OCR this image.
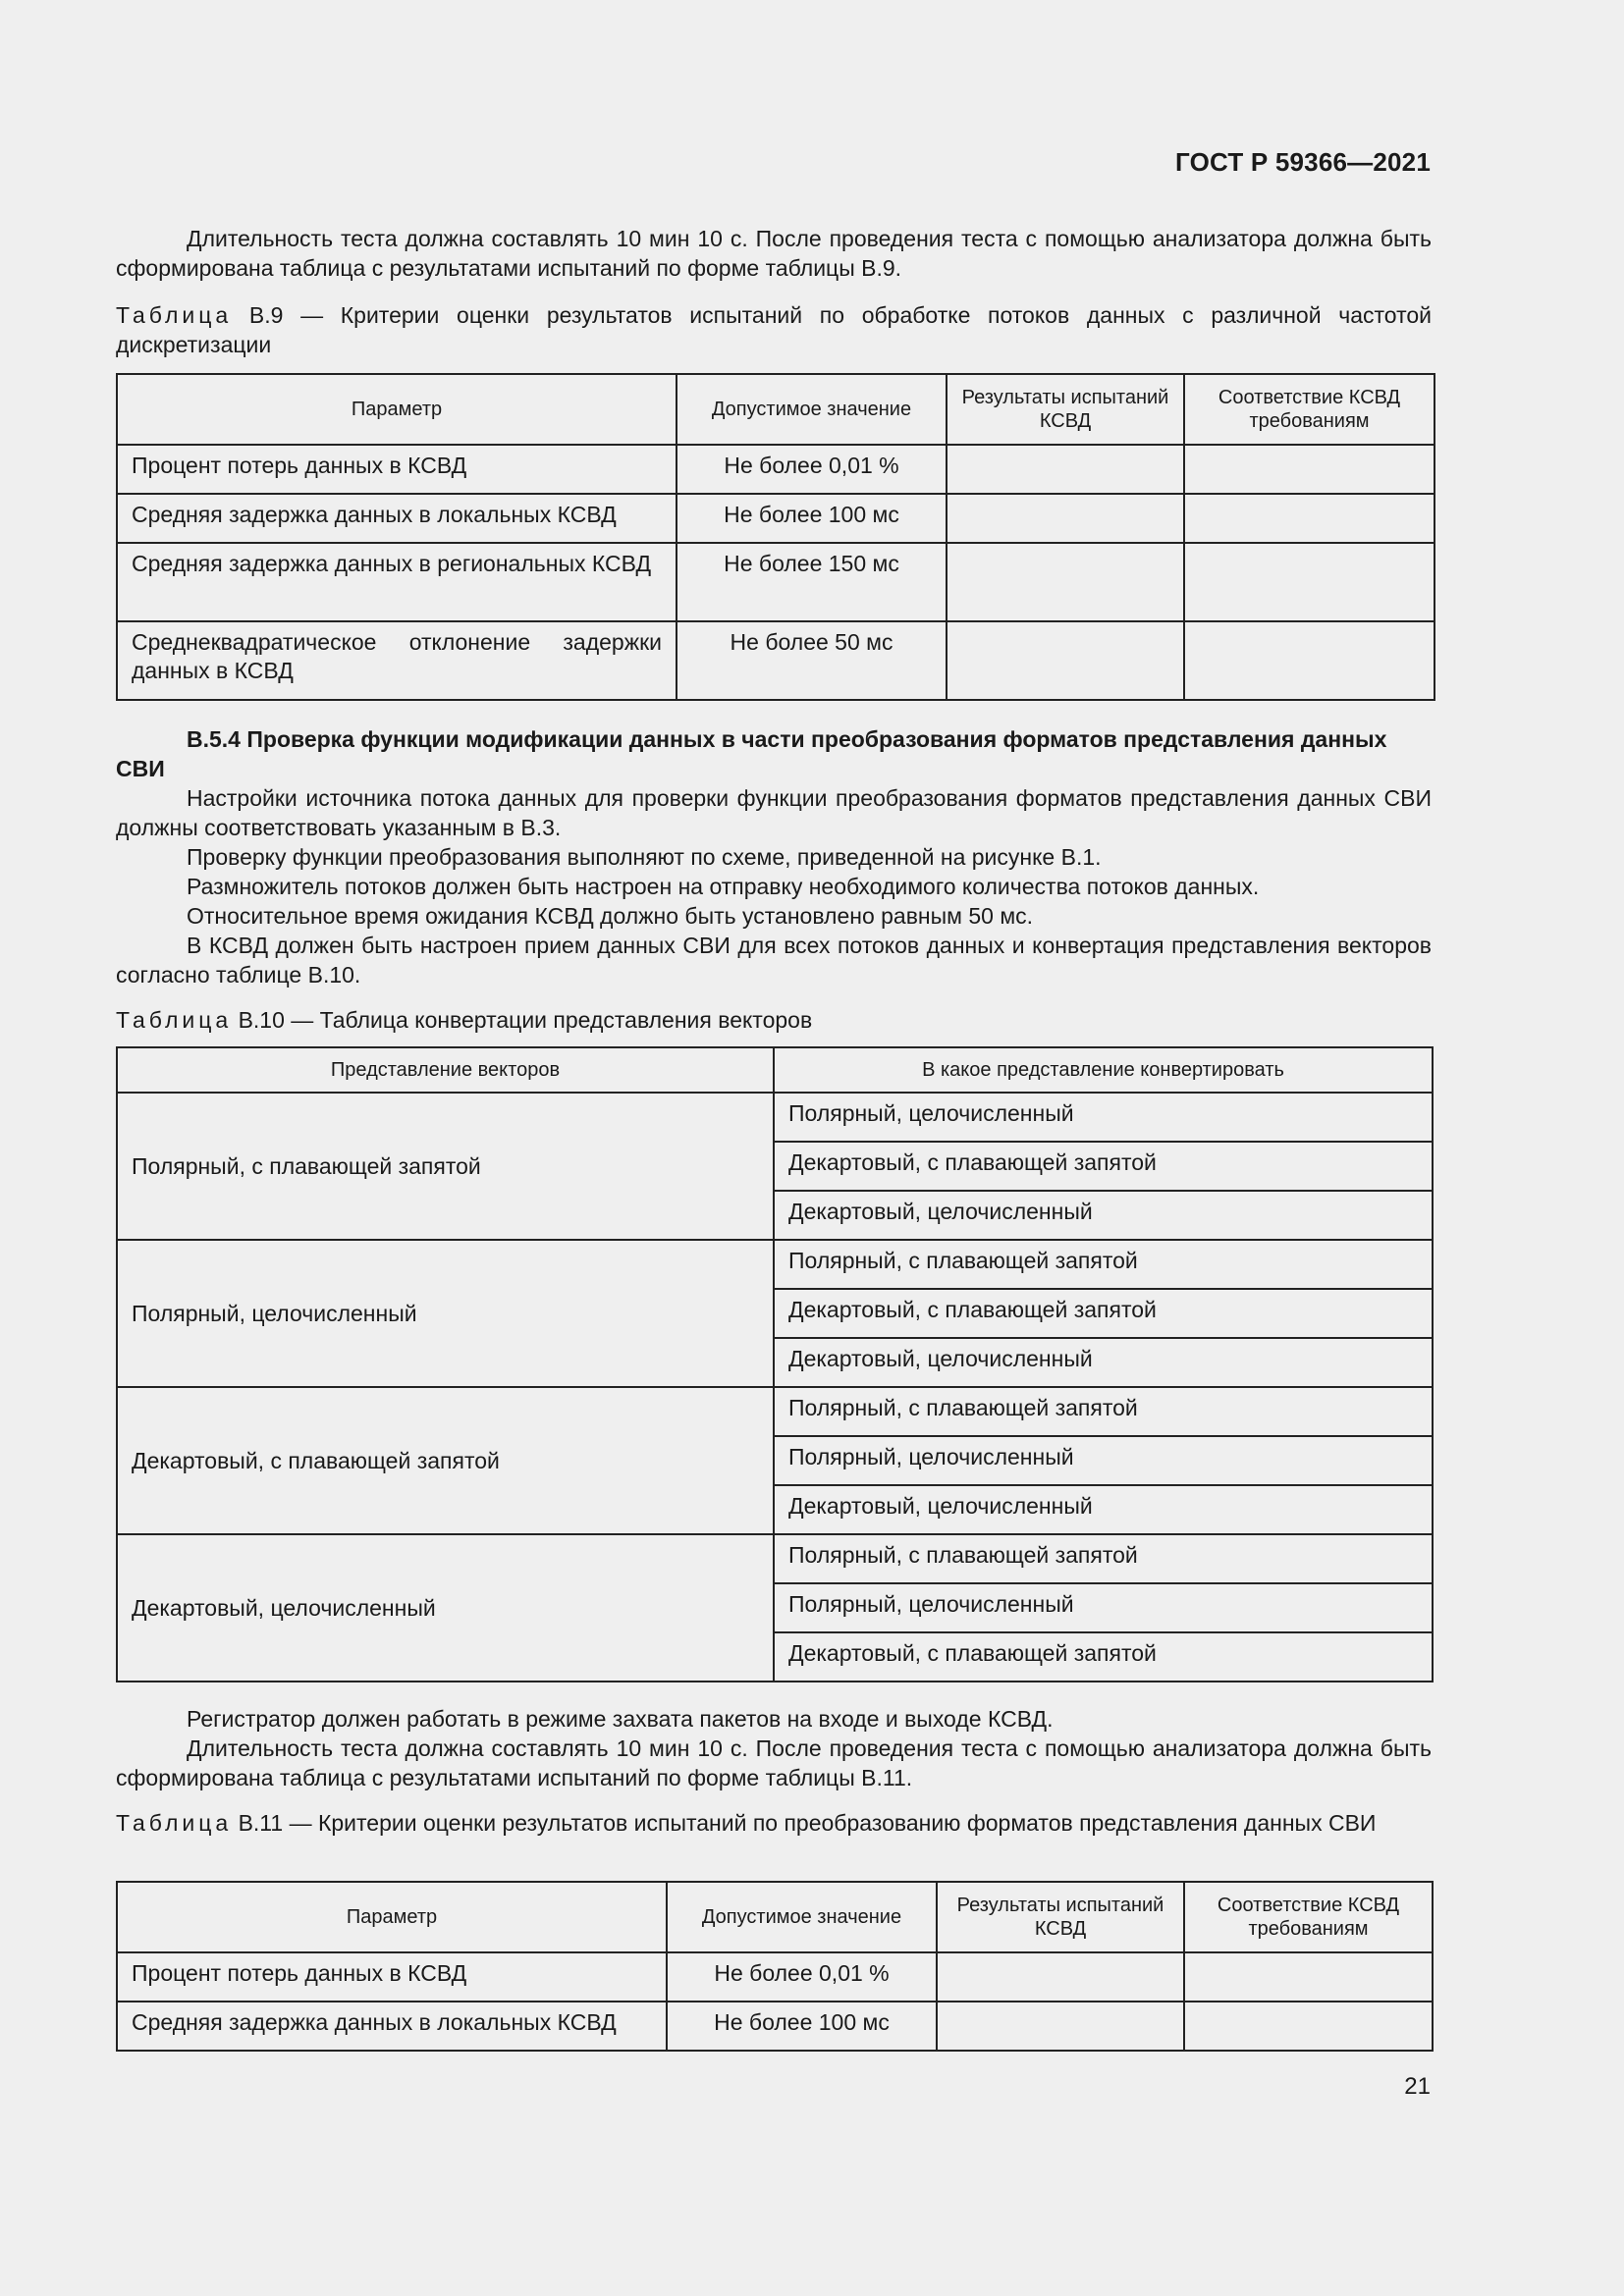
ГОСТ Р 59366—2021

Длительность теста должна составлять 10 мин 10 с. После проведения теста с помощью анализатора должна быть сформирована таблица с результатами испытаний по форме таблицы В.9.

Таблица В.9 — Критерии оценки результатов испытаний по обработке потоков данных с различной частотой дискретизации

Параметр	Допустимое значение	Результаты испытаний КСВД	Соответствие КСВД требованиям
Процент потерь данных в КСВД	Не более 0,01 %		
Средняя задержка данных в локальных КСВД	Не более 100 мс		
Средняя задержка данных в региональных КСВД	Не более 150 мс		
Среднеквадратическое отклонение задержки данных в КСВД	Не более 50 мс		

В.5.4 Проверка функции модификации данных в части преобразования форматов представления данных СВИ

Настройки источника потока данных для проверки функции преобразования форматов представления данных СВИ должны соответствовать указанным в В.3.

Проверку функции преобразования выполняют по схеме, приведенной на рисунке В.1.

Размножитель потоков должен быть настроен на отправку необходимого количества потоков данных.

Относительное время ожидания КСВД должно быть установлено равным 50 мс.

В КСВД должен быть настроен прием данных СВИ для всех потоков данных и конвертация представления векторов согласно таблице В.10.

Таблица В.10 — Таблица конвертации представления векторов

Представление векторов	В какое представление конвертировать
Полярный, с плавающей запятой	Полярный, целочисленный
	Декартовый, с плавающей запятой
	Декартовый, целочисленный
Полярный, целочисленный	Полярный, с плавающей запятой
	Декартовый, с плавающей запятой
	Декартовый, целочисленный
Декартовый, с плавающей запятой	Полярный, с плавающей запятой
	Полярный, целочисленный
	Декартовый, целочисленный
Декартовый, целочисленный	Полярный, с плавающей запятой
	Полярный, целочисленный
	Декартовый, с плавающей запятой

Регистратор должен работать в режиме захвата пакетов на входе и выходе КСВД.

Длительность теста должна составлять 10 мин 10 с. После проведения теста с помощью анализатора должна быть сформирована таблица с результатами испытаний по форме таблицы В.11.

Таблица В.11 — Критерии оценки результатов испытаний по преобразованию форматов представления данных СВИ

Параметр	Допустимое значение	Результаты испытаний КСВД	Соответствие КСВД требованиям
Процент потерь данных в КСВД	Не более 0,01 %		
Средняя задержка данных в локальных КСВД	Не более 100 мс		
21
